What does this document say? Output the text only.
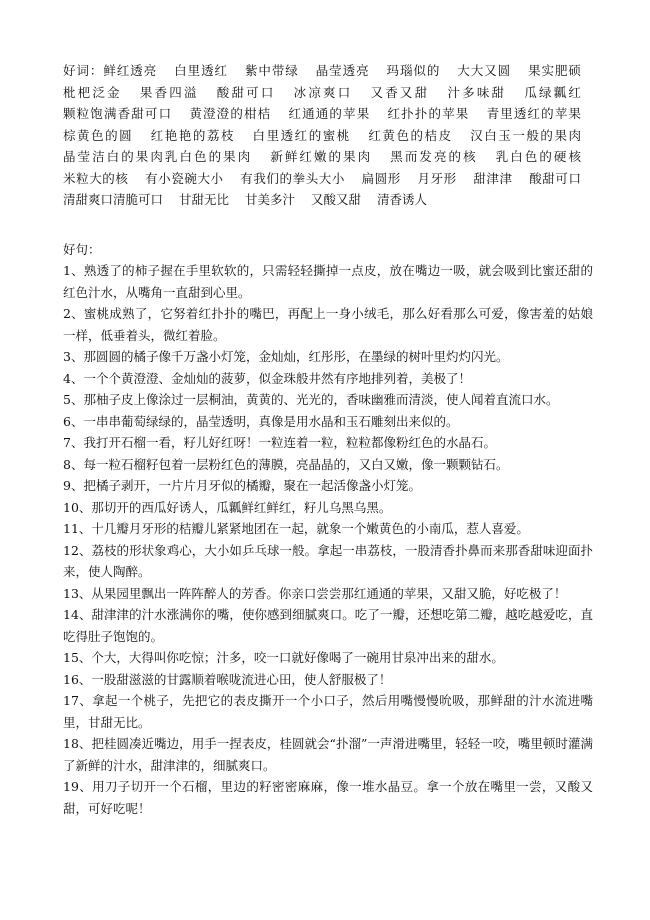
好词：鲜红透亮 白里透红 紫中带绿 晶莹透亮 玛瑙似的 大大又圆 果实肥硕 枇杷泛金 果香四溢 酸甜可口 冰凉爽口 又香又甜 汁多味甜 瓜绿瓤红 颗粒饱满香甜可口 黄澄澄的柑桔 红通通的苹果 红扑扑的苹果 青里透红的苹果 棕黄色的圆 红艳艳的荔枝 白里透红的蜜桃 红黄色的桔皮 汉白玉一般的果肉 晶莹洁白的果肉乳白色的果肉 新鲜红嫩的果肉 黑而发亮的核 乳白色的硬核 米粒大的核 有小瓷碗大小 有我们的拳头大小 扁圆形 月牙形 甜津津 酸甜可口 清甜爽口清脆可口 甘甜无比 甘美多汁 又酸又甜 清香诱人

好句：

1、熟透了的柿子握在手里软软的，只需轻轻撕掉一点皮，放在嘴边一吸，就会吸到比蜜还甜的红色汁水，从嘴角一直甜到心里。
2、蜜桃成熟了，它努着红扑扑的嘴巴，再配上一身小绒毛，那么好看那么可爱，像害羞的姑娘一样，低垂着头，微红着脸。
3、那圆圆的橘子像千万盏小灯笼，金灿灿，红彤彤，在墨绿的树叶里灼灼闪光。
4、一个个黄澄澄、金灿灿的菠萝，似金珠般井然有序地排列着，美极了！
5、那柚子皮上像涂过一层桐油，黄黄的、光光的，香味幽雅而清淡，使人闻着直流口水。
6、一串串葡萄绿绿的，晶莹透明，真像是用水晶和玉石雕刻出来似的。
7、我打开石榴一看，籽儿好红呀！一粒连着一粒，粒粒都像粉红色的水晶石。
8、每一粒石榴籽包着一层粉红色的薄膜，亮晶晶的，又白又嫩，像一颗颗钻石。
9、把橘子剥开，一片片月牙似的橘瓣，聚在一起活像盏小灯笼。
10、那切开的西瓜好诱人，瓜瓤鲜红鲜红，籽儿乌黑乌黑。
11、十几瓣月牙形的桔瓣儿紧紧地团在一起，就象一个嫩黄色的小南瓜，惹人喜爱。
12、荔枝的形状象鸡心，大小如乒乓球一般。拿起一串荔枝，一股清香扑鼻而来那香甜味迎面扑来，使人陶醉。
13、从果园里飘出一阵阵醉人的芳香。你亲口尝尝那红通通的苹果，又甜又脆，好吃极了！
14、甜津津的汁水涨满你的嘴，使你感到细腻爽口。吃了一瓣，还想吃第二瓣，越吃越爱吃，直吃得肚子饱饱的。
15、个大，大得叫你吃惊；汁多，咬一口就好像喝了一碗用甘泉冲出来的甜水。
16、一股甜滋滋的甘露顺着喉咙流进心田，使人舒服极了！
17、拿起一个桃子，先把它的表皮撕开一个小口子，然后用嘴慢慢吮吸，那鲜甜的汁水流进嘴里，甘甜无比。
18、把桂圆凑近嘴边，用手一捏表皮，桂圆就会“扑溜”一声滑进嘴里，轻轻一咬，嘴里顿时灌满了新鲜的汁水，甜津津的，细腻爽口。
19、用刀子切开一个石榴，里边的籽密密麻麻，像一堆水晶豆。拿一个放在嘴里一尝，又酸又甜，可好吃呢！
